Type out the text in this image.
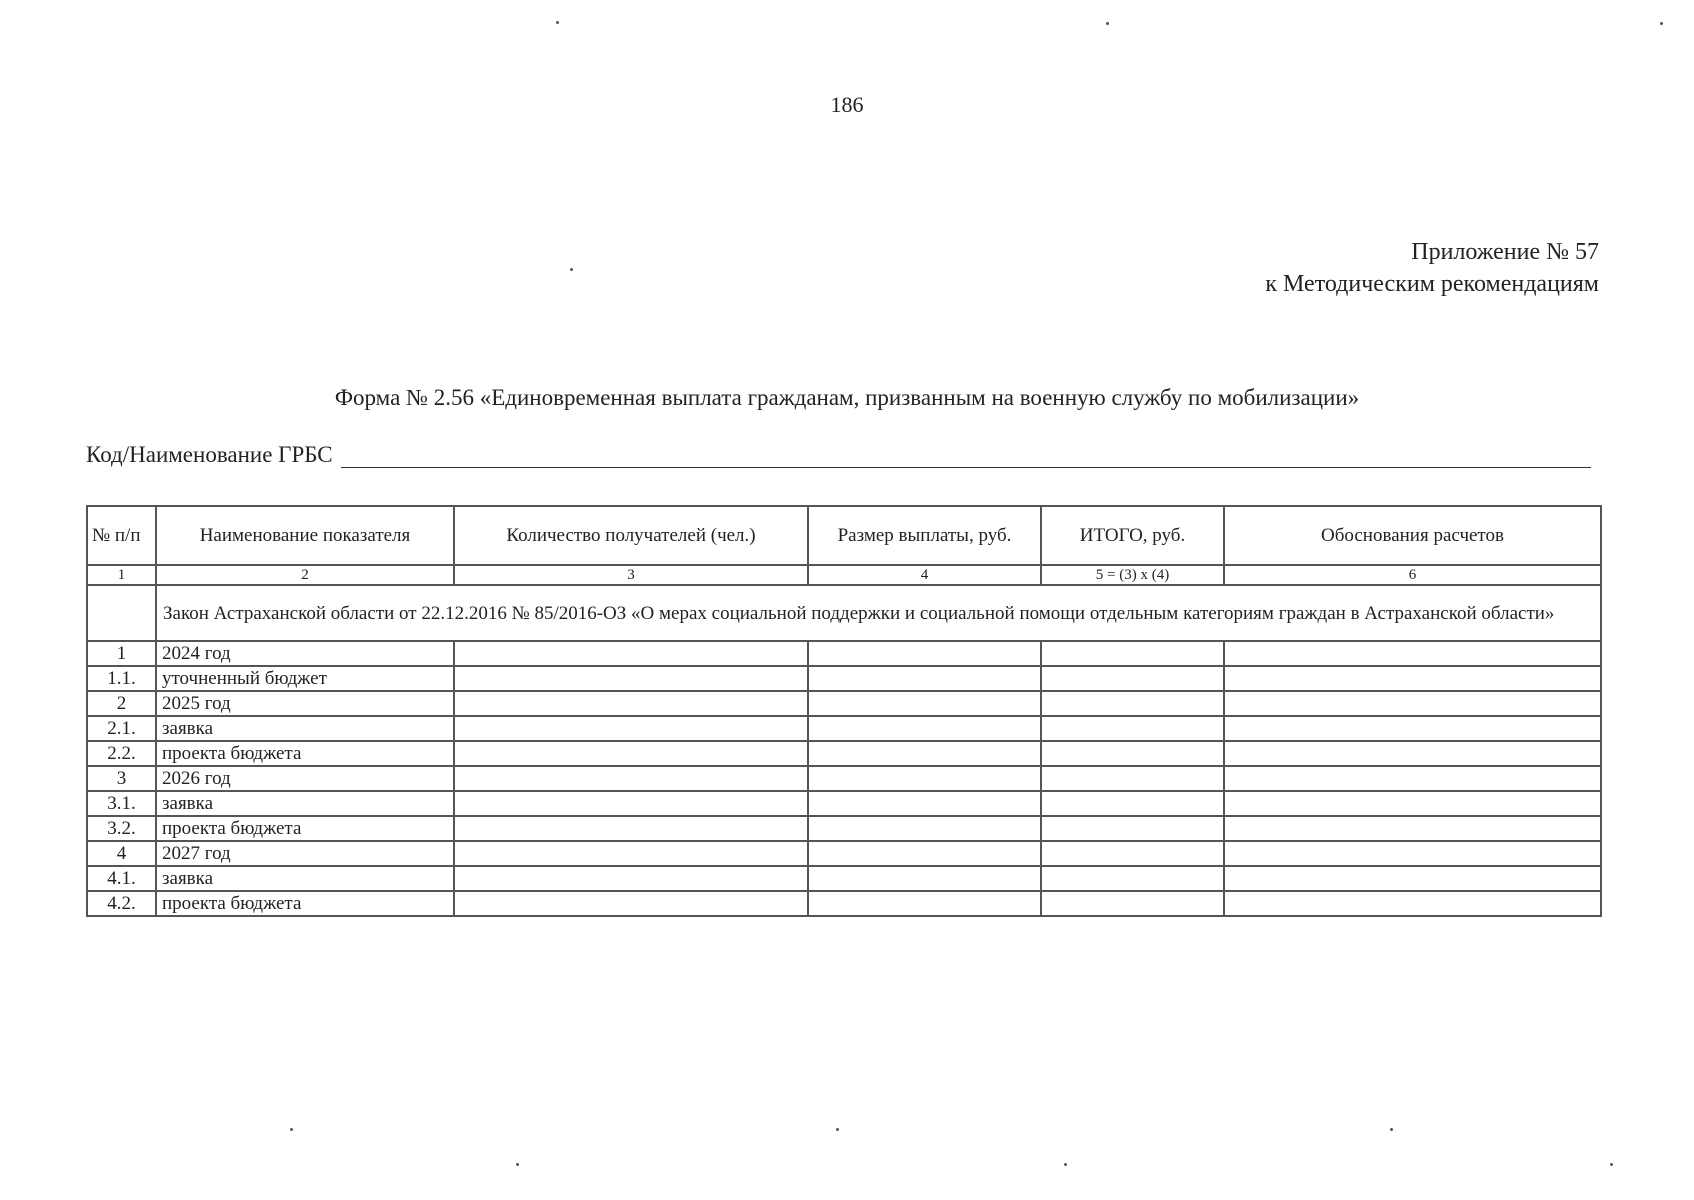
186
Приложение № 57
к Методическим рекомендациям
Форма № 2.56 «Единовременная выплата гражданам, призванным на военную службу по мобилизации»
Код/Наименование ГРБС
№ п/п	Наименование показателя	Количество получателей (чел.)	Размер выплаты, руб.	ИТОГО, руб.	Обоснования расчетов
1	2	3	4	5 = (3) х (4)	6
	Закон Астраханской области от 22.12.2016 № 85/2016-ОЗ «О мерах социальной поддержки и социальной помощи отдельным категориям граждан в Астраханской области»				
1	2024 год				
1.1.	уточненный бюджет				
2	2025 год				
2.1.	заявка				
2.2.	проекта бюджета				
3	2026 год				
3.1.	заявка				
3.2.	проекта бюджета				
4	2027 год				
4.1.	заявка				
4.2.	проекта бюджета				
